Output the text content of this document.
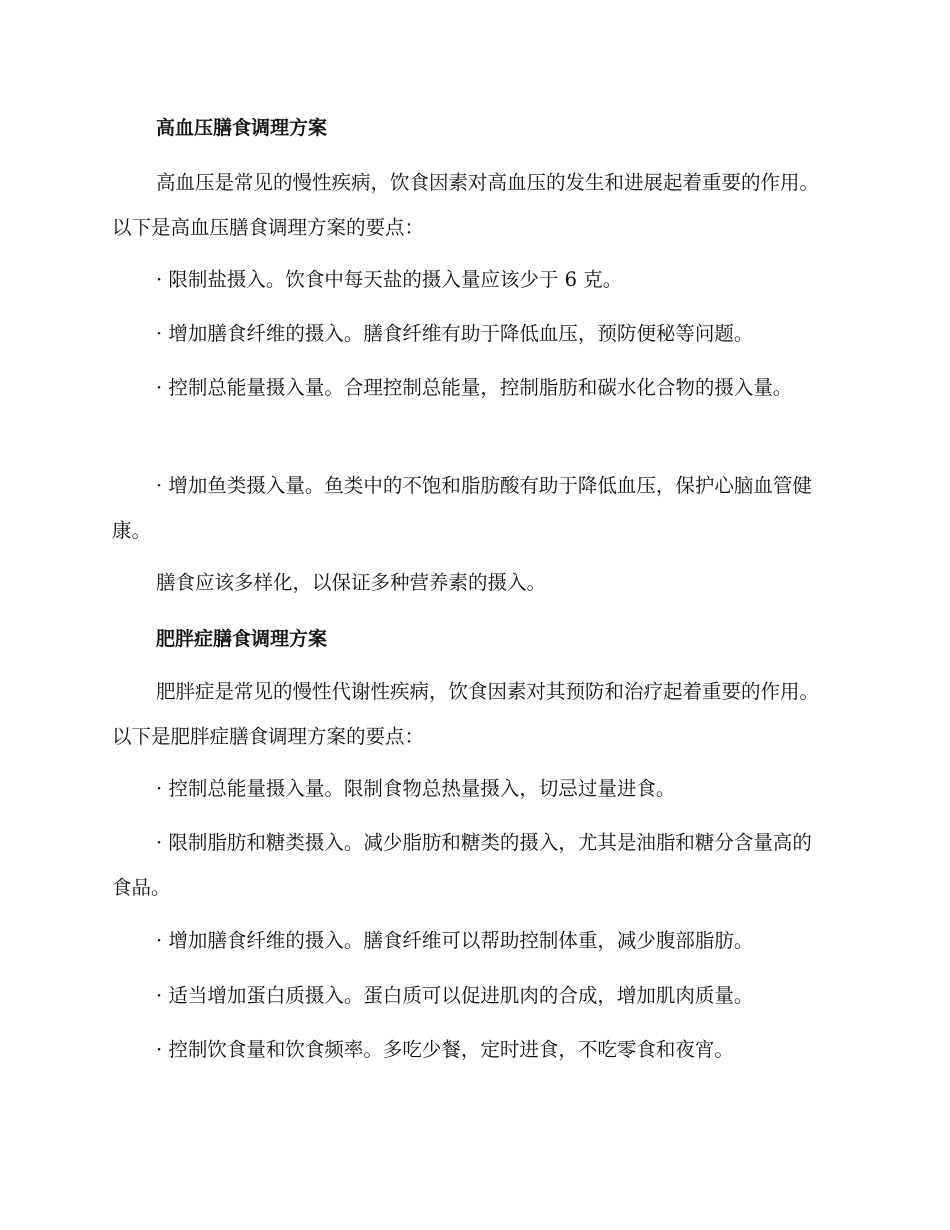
高血压膳食调理方案

高血压是常见的慢性疾病，饮食因素对高血压的发生和进展起着重要的作用。以下是高血压膳食调理方案的要点：

· 限制盐摄入。饮食中每天盐的摄入量应该少于 6 克。

· 增加膳食纤维的摄入。膳食纤维有助于降低血压，预防便秘等问题。

· 控制总能量摄入量。合理控制总能量，控制脂肪和碳水化合物的摄入量。

· 增加鱼类摄入量。鱼类中的不饱和脂肪酸有助于降低血压，保护心脑血管健康。

膳食应该多样化，以保证多种营养素的摄入。

肥胖症膳食调理方案

肥胖症是常见的慢性代谢性疾病，饮食因素对其预防和治疗起着重要的作用。以下是肥胖症膳食调理方案的要点：

· 控制总能量摄入量。限制食物总热量摄入，切忌过量进食。

· 限制脂肪和糖类摄入。减少脂肪和糖类的摄入，尤其是油脂和糖分含量高的食品。

· 增加膳食纤维的摄入。膳食纤维可以帮助控制体重，减少腹部脂肪。

· 适当增加蛋白质摄入。蛋白质可以促进肌肉的合成，增加肌肉质量。

· 控制饮食量和饮食频率。多吃少餐，定时进食，不吃零食和夜宵。
